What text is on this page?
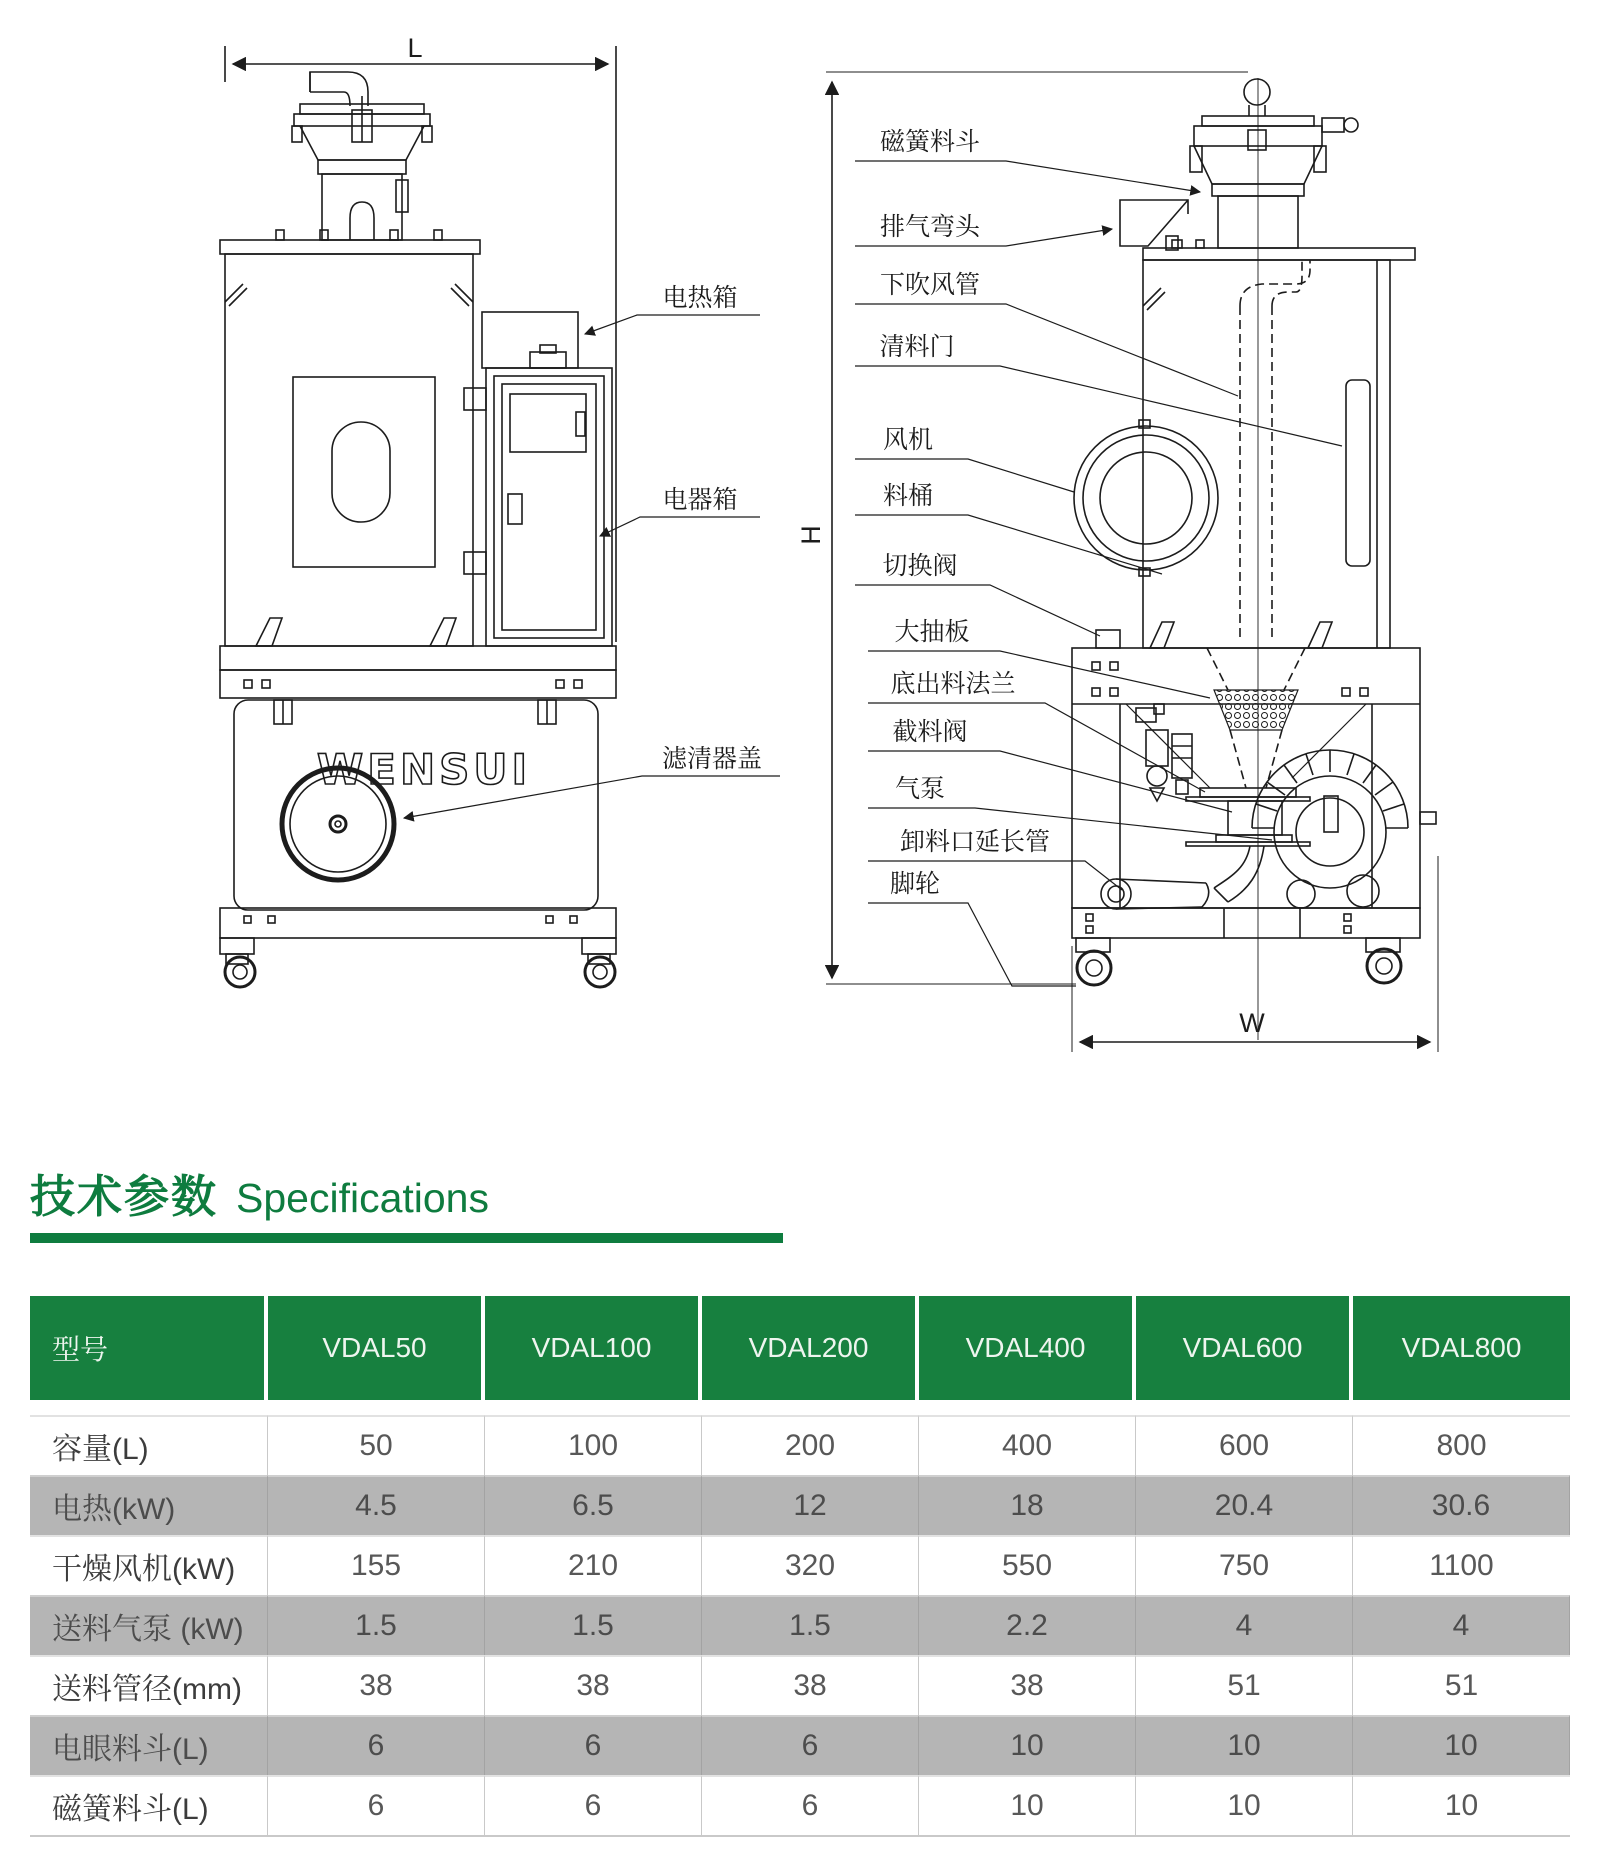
L
WENSUI
电热箱
电器箱
滤清器盖
H
W
磁簧料斗
排气弯头
下吹风管
清料门
风机
料桶
切换阀
大抽板
底出料法兰
截料阀
气泵
卸料口延长管
脚轮
技术参数 Specifications
型号	VDAL50	VDAL100	VDAL200	VDAL400	VDAL600	VDAL800
容量(L)	50	100	200	400	600	800
电热(kW)	4.5	6.5	12	18	20.4	30.6
干燥风机(kW)	155	210	320	550	750	1100
送料气泵 (kW)	1.5	1.5	1.5	2.2	4	4
送料管径(mm)	38	38	38	38	51	51
电眼料斗(L)	6	6	6	10	10	10
磁簧料斗(L)	6	6	6	10	10	10
